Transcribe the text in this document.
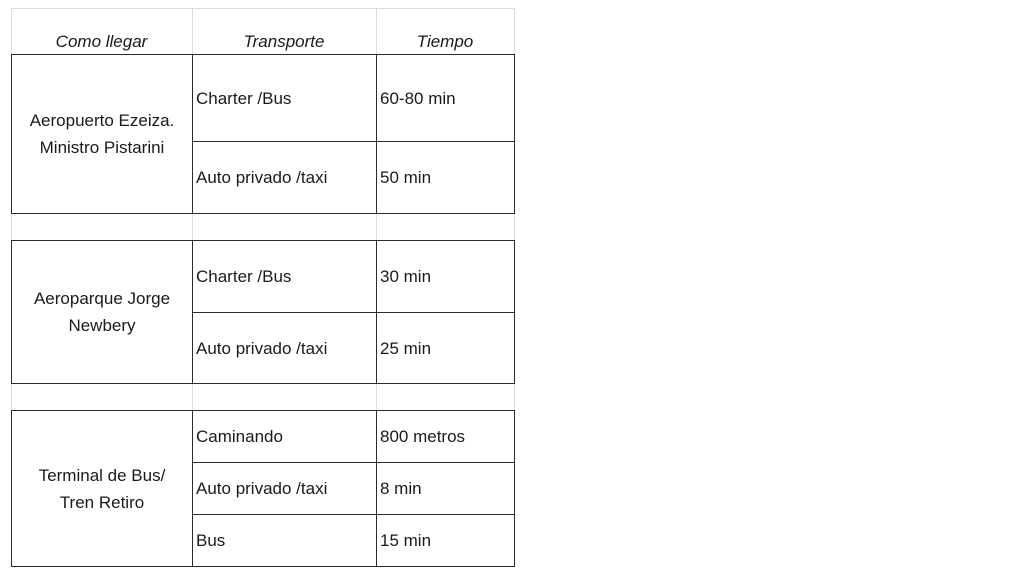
Como llegar	Transporte	Tiempo
Aeropuerto Ezeiza.
Ministro Pistarini
Charter /Bus	60-80 min
Auto privado /taxi	50 min
Aeroparque Jorge
Newbery
Charter /Bus	30 min
Auto privado /taxi	25 min
Terminal de Bus/
Tren Retiro
Caminando	800 metros
Auto privado /taxi	8 min
Bus	15 min
